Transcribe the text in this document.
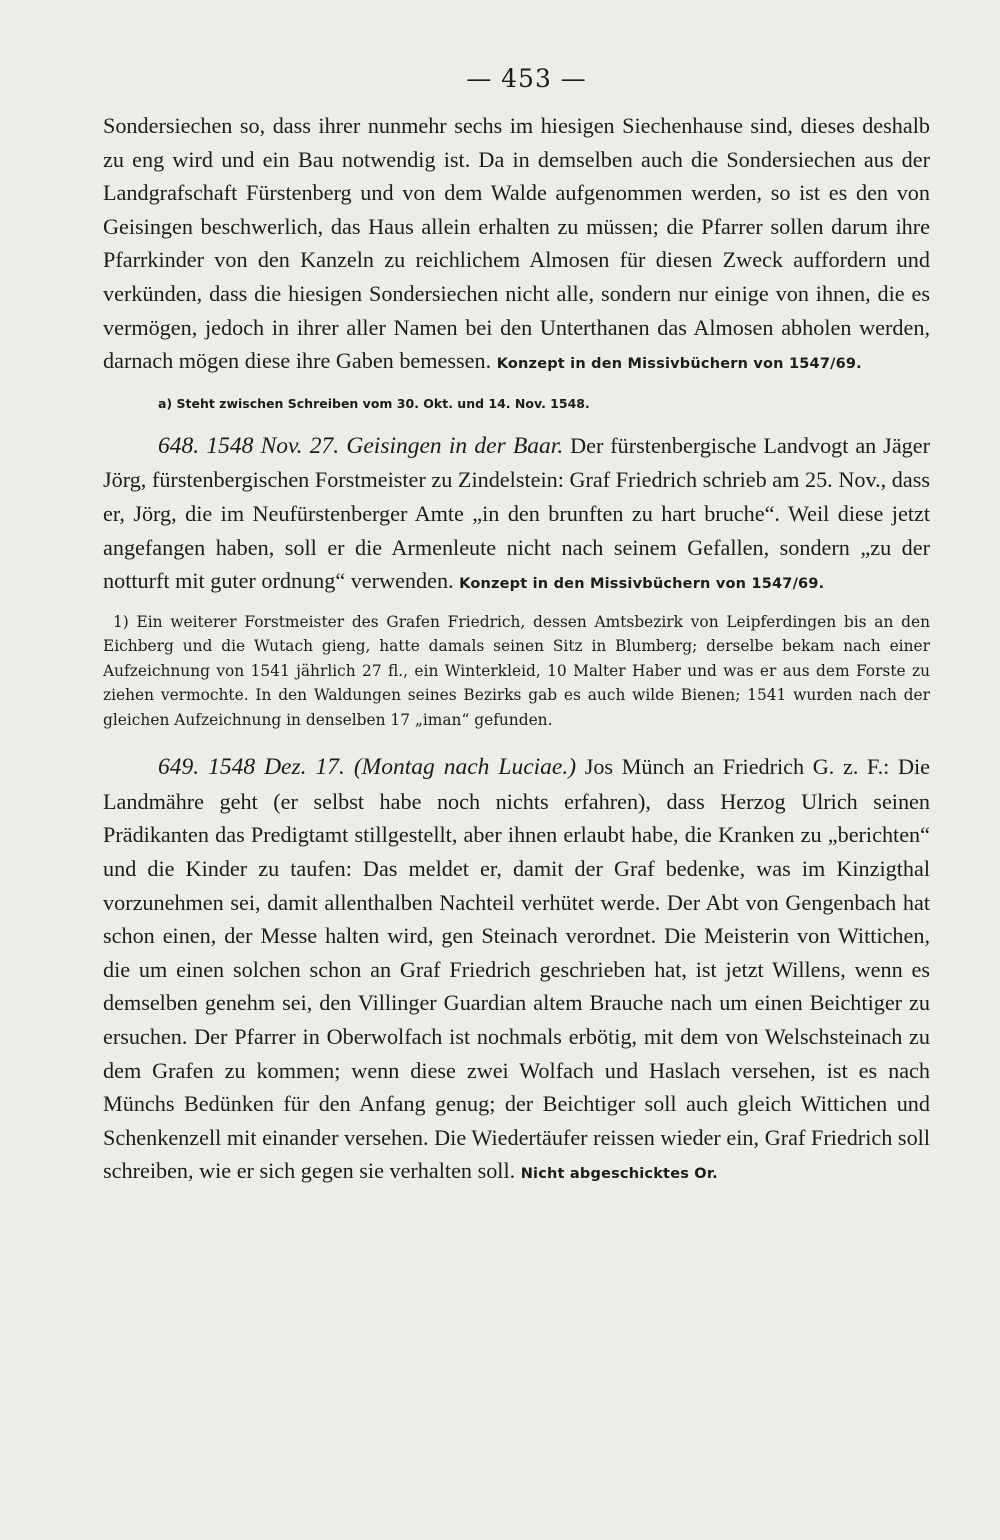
— 453 —

Sondersiechen so, dass ihrer nunmehr sechs im hiesigen Siechenhause sind, dieses deshalb zu eng wird und ein Bau notwendig ist. Da in demselben auch die Sondersiechen aus der Landgrafschaft Fürstenberg und von dem Walde aufgenommen werden, so ist es den von Geisingen beschwerlich, das Haus allein erhalten zu müssen; die Pfarrer sollen darum ihre Pfarrkinder von den Kanzeln zu reichlichem Almosen für diesen Zweck auffordern und verkünden, dass die hiesigen Sondersiechen nicht alle, sondern nur einige von ihnen, die es vermögen, jedoch in ihrer aller Namen bei den Unterthanen das Almosen abholen werden, darnach mögen diese ihre Gaben bemessen. Konzept in den Missivbüchern von 1547/69.

a) Steht zwischen Schreiben vom 30. Okt. und 14. Nov. 1548.

648. 1548 Nov. 27. Geisingen in der Baar. Der fürstenbergische Landvogt an Jäger Jörg, fürstenbergischen Forstmeister zu Zindelstein: Graf Friedrich schrieb am 25. Nov., dass er, Jörg, die im Neufürstenberger Amte „in den brunften zu hart bruche“. Weil diese jetzt angefangen haben, soll er die Armenleute nicht nach seinem Gefallen, sondern „zu der notturft mit guter ordnung“ verwenden. Konzept in den Missivbüchern von 1547/69.

1) Ein weiterer Forstmeister des Grafen Friedrich, dessen Amtsbezirk von Leipferdingen bis an den Eichberg und die Wutach gieng, hatte damals seinen Sitz in Blumberg; derselbe bekam nach einer Aufzeichnung von 1541 jährlich 27 fl., ein Winterkleid, 10 Malter Haber und was er aus dem Forste zu ziehen vermochte. In den Waldungen seines Bezirks gab es auch wilde Bienen; 1541 wurden nach der gleichen Aufzeichnung in denselben 17 „iman“ gefunden.

649. 1548 Dez. 17. (Montag nach Luciae.) Jos Münch an Friedrich G. z. F.: Die Landmähre geht (er selbst habe noch nichts erfahren), dass Herzog Ulrich seinen Prädikanten das Predigtamt stillgestellt, aber ihnen erlaubt habe, die Kranken zu „berichten“ und die Kinder zu taufen: Das meldet er, damit der Graf bedenke, was im Kinzigthal vorzunehmen sei, damit allenthalben Nachteil verhütet werde. Der Abt von Gengenbach hat schon einen, der Messe halten wird, gen Steinach verordnet. Die Meisterin von Wittichen, die um einen solchen schon an Graf Friedrich geschrieben hat, ist jetzt Willens, wenn es demselben genehm sei, den Villinger Guardian altem Brauche nach um einen Beichtiger zu ersuchen. Der Pfarrer in Oberwolfach ist nochmals erbötig, mit dem von Welschsteinach zu dem Grafen zu kommen; wenn diese zwei Wolfach und Haslach versehen, ist es nach Münchs Bedünken für den Anfang genug; der Beichtiger soll auch gleich Wittichen und Schenkenzell mit einander versehen. Die Wiedertäufer reissen wieder ein, Graf Friedrich soll schreiben, wie er sich gegen sie verhalten soll. Nicht abgeschicktes Or.
